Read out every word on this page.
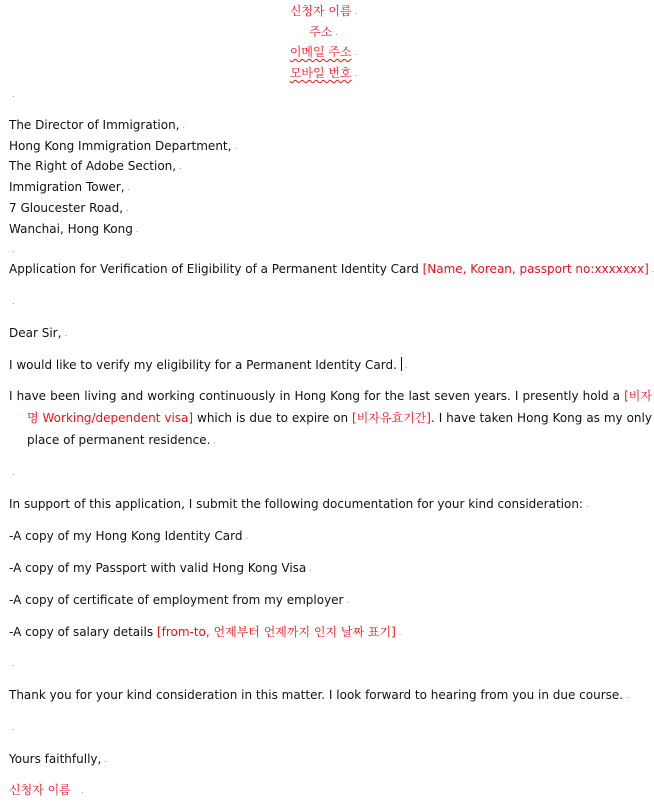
신청자 이름 .
주소 .
이메일 주소 .
모바일 번호 .
.
The Director of Immigration, .
Hong Kong Immigration Department, .
The Right of Adobe Section, .
Immigration Tower, .
7 Gloucester Road, .
Wanchai, Hong Kong .
.
Application for Verification of Eligibility of a Permanent Identity Card [Name, Korean, passport no:xxxxxxx]
.
Dear Sir, .
I would like to verify my eligibility for a Permanent Identity Card. .
I have been living and working continuously in Hong Kong for the last seven years. I presently hold a [비자명 Working/dependent visa] which is due to expire on [비자유효기간]. I have taken Hong Kong as my only place of permanent residence. .
.
In support of this application, I submit the following documentation for your kind consideration: .
-A copy of my Hong Kong Identity Card .
-A copy of my Passport with valid Hong Kong Visa .
-A copy of certificate of employment from my employer .
-A copy of salary details [from-to, 언제부터 언제까지 인지 날짜 표기] .
.
Thank you for your kind consideration in this matter. I look forward to hearing from you in due course. .
.
Yours faithfully, .
신청자 이름 .
